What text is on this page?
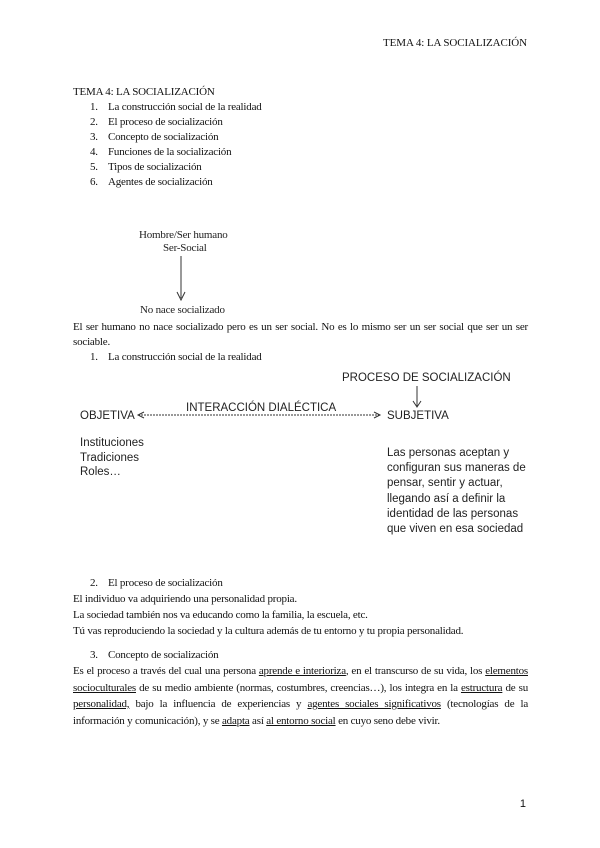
TEMA 4: LA SOCIALIZACIÓN
TEMA 4: LA SOCIALIZACIÓN
1. La construcción social de la realidad
2. El proceso de socialización
3. Concepto de socialización
4. Funciones de la socialización
5. Tipos de socialización
6. Agentes de socialización
Hombre/Ser humano
Ser-Social
No nace socializado

El ser humano no nace socializado pero es un ser social. No es lo mismo ser un ser social que ser un ser sociable.

1. La construcción social de la realidad
PROCESO DE SOCIALIZACIÓN
INTERACCIÓN DIALÉCTICA
OBJETIVA	SUBJETIVA
Instituciones
Tradiciones
Roles…
Las personas aceptan y
configuran sus maneras de
pensar, sentir y actuar,
llegando así a definir la
identidad de las personas
que viven en esa sociedad
2. El proceso de socialización
El individuo va adquiriendo una personalidad propia.
La sociedad también nos va educando como la familia, la escuela, etc.
Tú vas reproduciendo la sociedad y la cultura además de tu entorno y tu propia personalidad.
3. Concepto de socialización

Es el proceso a través del cual una persona aprende e interioriza, en el transcurso de su vida, los elementos socioculturales de su medio ambiente (normas, costumbres, creencias…), los integra en la estructura de su personalidad, bajo la influencia de experiencias y agentes sociales significativos (tecnologías de la información y comunicación), y se adapta así al entorno social en cuyo seno debe vivir.

1
